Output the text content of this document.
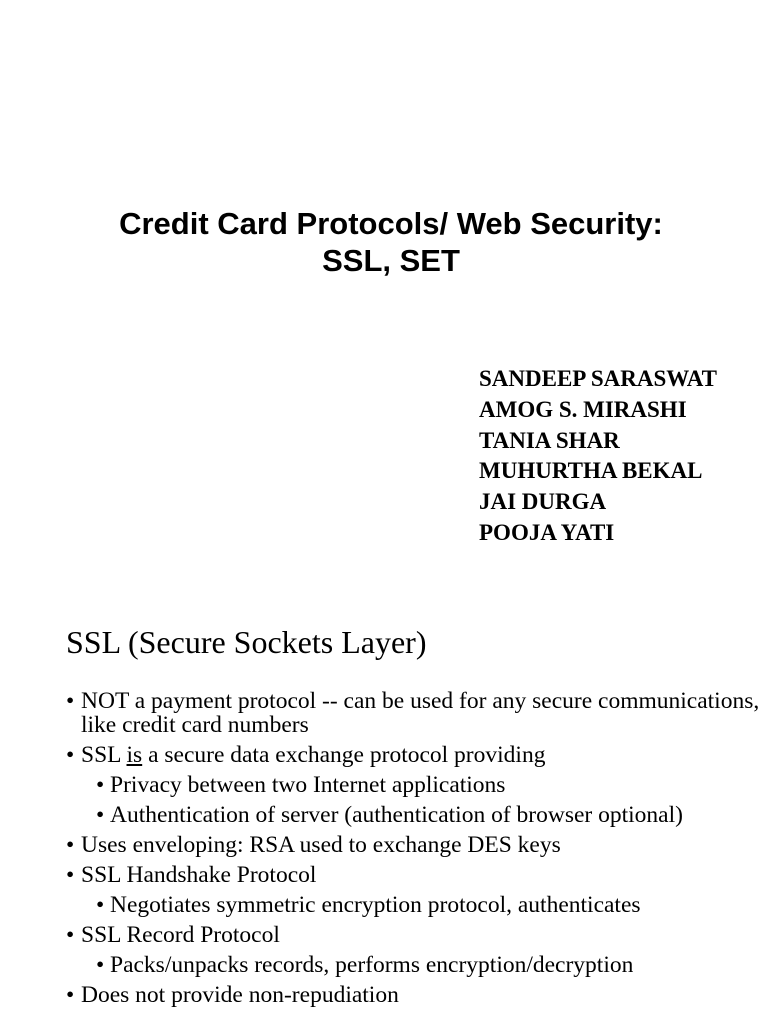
Credit Card Protocols/ Web Security:
SSL, SET
SANDEEP SARASWAT
AMOG S. MIRASHI
TANIA SHAR
MUHURTHA BEKAL
JAI DURGA
POOJA YATI
SSL (Secure Sockets Layer)
• NOT a payment protocol -- can be used for any secure communications, like credit card numbers
• SSL is a secure data exchange protocol providing
• Privacy between two Internet applications
• Authentication of server (authentication of browser optional)
• Uses enveloping: RSA used to exchange DES keys
• SSL Handshake Protocol
• Negotiates symmetric encryption protocol, authenticates
• SSL Record Protocol
• Packs/unpacks records, performs encryption/decryption
• Does not provide non-repudiation
